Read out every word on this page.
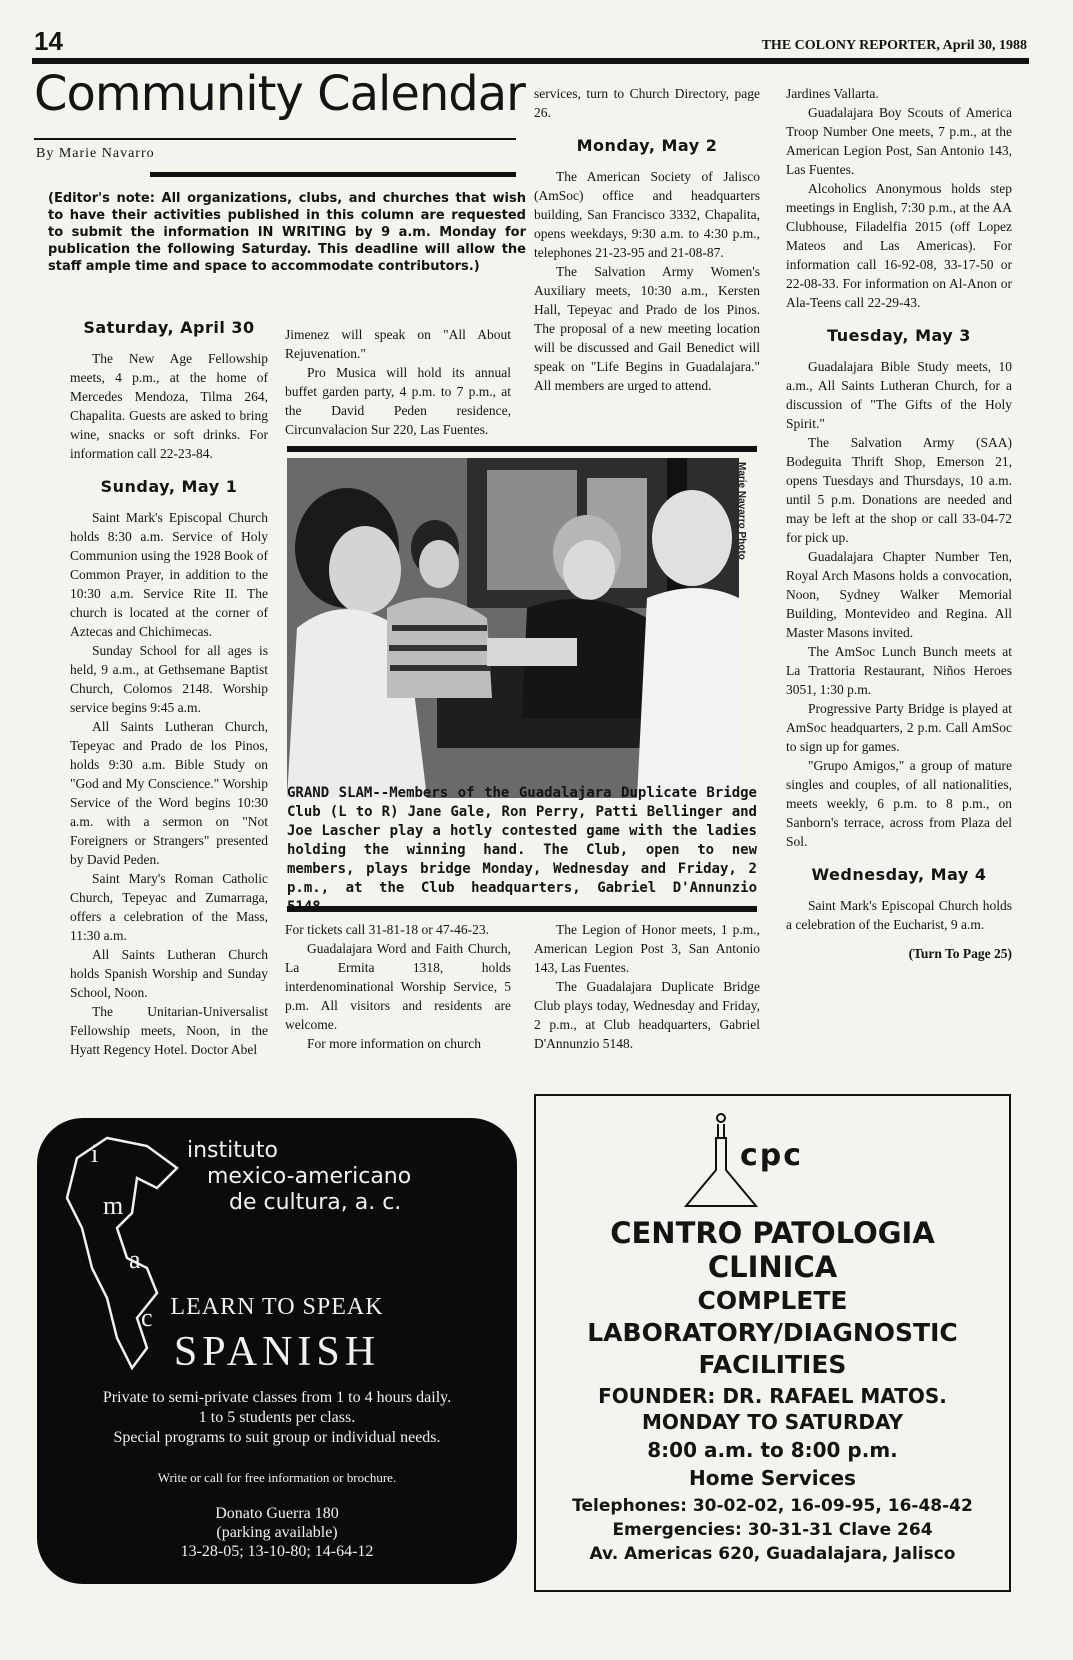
14	THE COLONY REPORTER, April 30, 1988
Community Calendar
By Marie Navarro
(Editor's note: All organizations, clubs, and churches that wish to have their activities published in this column are requested to submit the information IN WRITING by 9 a.m. Monday for publication the following Saturday. This deadline will allow the staff ample time and space to accommodate contributors.)
Saturday, April 30

The New Age Fellowship meets, 4 p.m., at the home of Mercedes Mendoza, Tilma 264, Chapalita. Guests are asked to bring wine, snacks or soft drinks. For information call 22-23-84.

Sunday, May 1

Saint Mark's Episcopal Church holds 8:30 a.m. Service of Holy Communion using the 1928 Book of Common Prayer, in addition to the 10:30 a.m. Service Rite II. The church is located at the corner of Aztecas and Chichimecas.

Sunday School for all ages is held, 9 a.m., at Gethsemane Baptist Church, Colomos 2148. Worship service begins 9:45 a.m.

All Saints Lutheran Church, Tepeyac and Prado de los Pinos, holds 9:30 a.m. Bible Study on "God and My Conscience." Worship Service of the Word begins 10:30 a.m. with a sermon on "Not Foreigners or Strangers" presented by David Peden.

Saint Mary's Roman Catholic Church, Tepeyac and Zumarraga, offers a celebration of the Mass, 11:30 a.m.

All Saints Lutheran Church holds Spanish Worship and Sunday School, Noon.

The Unitarian-Universalist Fellowship meets, Noon, in the Hyatt Regency Hotel. Doctor Abel

Jimenez will speak on "All About Rejuvenation."

Pro Musica will hold its annual buffet garden party, 4 p.m. to 7 p.m., at the David Peden residence, Circunvalacion Sur 220, Las Fuentes.

services, turn to Church Directory, page 26.

Monday, May 2

The American Society of Jalisco (AmSoc) office and headquarters building, San Francisco 3332, Chapalita, opens weekdays, 9:30 a.m. to 4:30 p.m., telephones 21-23-95 and 21-08-87.

The Salvation Army Women's Auxiliary meets, 10:30 a.m., Kersten Hall, Tepeyac and Prado de los Pinos. The proposal of a new meeting location will be discussed and Gail Benedict will speak on "Life Begins in Guadalajara." All members are urged to attend.

Jardines Vallarta.

Guadalajara Boy Scouts of America Troop Number One meets, 7 p.m., at the American Legion Post, San Antonio 143, Las Fuentes.

Alcoholics Anonymous holds step meetings in English, 7:30 p.m., at the AA Clubhouse, Filadelfia 2015 (off Lopez Mateos and Las Americas). For information call 16-92-08, 33-17-50 or 22-08-33. For information on Al-Anon or Ala-Teens call 22-29-43.

Tuesday, May 3

Guadalajara Bible Study meets, 10 a.m., All Saints Lutheran Church, for a discussion of "The Gifts of the Holy Spirit."

The Salvation Army (SAA) Bodeguita Thrift Shop, Emerson 21, opens Tuesdays and Thursdays, 10 a.m. until 5 p.m. Donations are needed and may be left at the shop or call 33-04-72 for pick up.

Guadalajara Chapter Number Ten, Royal Arch Masons holds a convocation, Noon, Sydney Walker Memorial Building, Montevideo and Regina. All Master Masons invited.

The AmSoc Lunch Bunch meets at La Trattoria Restaurant, Niños Heroes 3051, 1:30 p.m.

Progressive Party Bridge is played at AmSoc headquarters, 2 p.m. Call AmSoc to sign up for games.

"Grupo Amigos," a group of mature singles and couples, of all nationalities, meets weekly, 6 p.m. to 8 p.m., on Sanborn's terrace, across from Plaza del Sol.

Wednesday, May 4

Saint Mark's Episcopal Church holds a celebration of the Eucharist, 9 a.m.

(Turn To Page 25)

Marie Navarro Photo
GRAND SLAM--Members of the Guadalajara Duplicate Bridge Club (L to R) Jane Gale, Ron Perry, Patti Bellinger and Joe Lascher play a hotly contested game with the ladies holding the winning hand. The Club, open to new members, plays bridge Monday, Wednesday and Friday, 2 p.m., at the Club headquarters, Gabriel D'Annunzio

For tickets call 31-81-18 or 47-46-23.

Guadalajara Word and Faith Church, La Ermita 1318, holds interdenominational Worship Service, 5 p.m. All visitors and residents are welcome.

For more information on church

The Legion of Honor meets, 1 p.m., American Legion Post 3, San Antonio 143, Las Fuentes.

The Guadalajara Duplicate Bridge Club plays today, Wednesday and Friday, 2 p.m., at Club headquarters, Gabriel D'Annunzio 5148.

i
m
a
c
instituto
mexico-americano
de cultura, a. c.
LEARN TO SPEAK
SPANISH
Private to semi-private classes from 1 to 4 hours daily.
1 to 5 students per class.
Special programs to suit group or individual needs.
Write or call for free information or brochure.
Donato Guerra 180
(parking available)
13-28-05; 13-10-80; 14-64-12
cpc
CENTRO PATOLOGIA
CLINICA
COMPLETE
LABORATORY/DIAGNOSTIC
FACILITIES
FOUNDER: DR. RAFAEL MATOS.
MONDAY TO SATURDAY
8:00 a.m. to 8:00 p.m.
Home Services
Telephones: 30-02-02, 16-09-95, 16-48-42
Emergencies: 30-31-31 Clave 264
Av. Americas 620, Guadalajara, Jalisco
